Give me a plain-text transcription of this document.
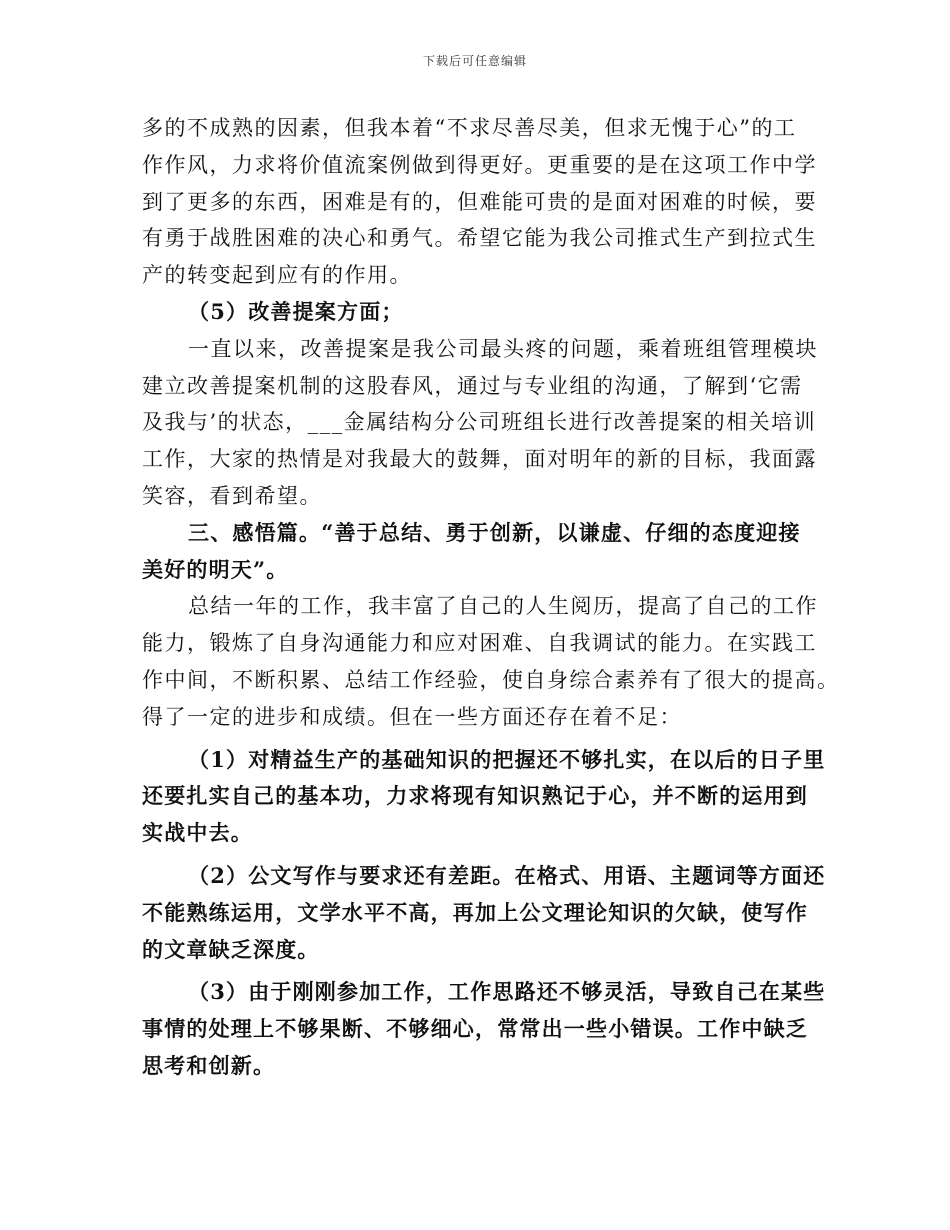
下载后可任意编辑
多的不成熟的因素，但我本着“不求尽善尽美，但求无愧于心”的工
作作风，力求将价值流案例做到得更好。更重要的是在这项工作中学
到了更多的东西，困难是有的，但难能可贵的是面对困难的时候，要
有勇于战胜困难的决心和勇气。希望它能为我公司推式生产到拉式生
产的转变起到应有的作用。
（5）改善提案方面；
一直以来，改善提案是我公司最头疼的问题，乘着班组管理模块
建立改善提案机制的这股春风，通过与专业组的沟通，了解到‘它需
及我与’的状态，___金属结构分公司班组长进行改善提案的相关培训
工作，大家的热情是对我最大的鼓舞，面对明年的新的目标，我面露
笑容，看到希望。
三、感悟篇。“善于总结、勇于创新，以谦虚、仔细的态度迎接
美好的明天”。
总结一年的工作，我丰富了自己的人生阅历，提高了自己的工作
能力，锻炼了自身沟通能力和应对困难、自我调试的能力。在实践工
作中间，不断积累、总结工作经验，使自身综合素养有了很大的提高。
得了一定的进步和成绩。但在一些方面还存在着不足：
（1）对精益生产的基础知识的把握还不够扎实，在以后的日子里
还要扎实自己的基本功，力求将现有知识熟记于心，并不断的运用到
实战中去。
（2）公文写作与要求还有差距。在格式、用语、主题词等方面还
不能熟练运用，文学水平不高，再加上公文理论知识的欠缺，使写作
的文章缺乏深度。
（3）由于刚刚参加工作，工作思路还不够灵活，导致自己在某些
事情的处理上不够果断、不够细心，常常出一些小错误。工作中缺乏
思考和创新。
